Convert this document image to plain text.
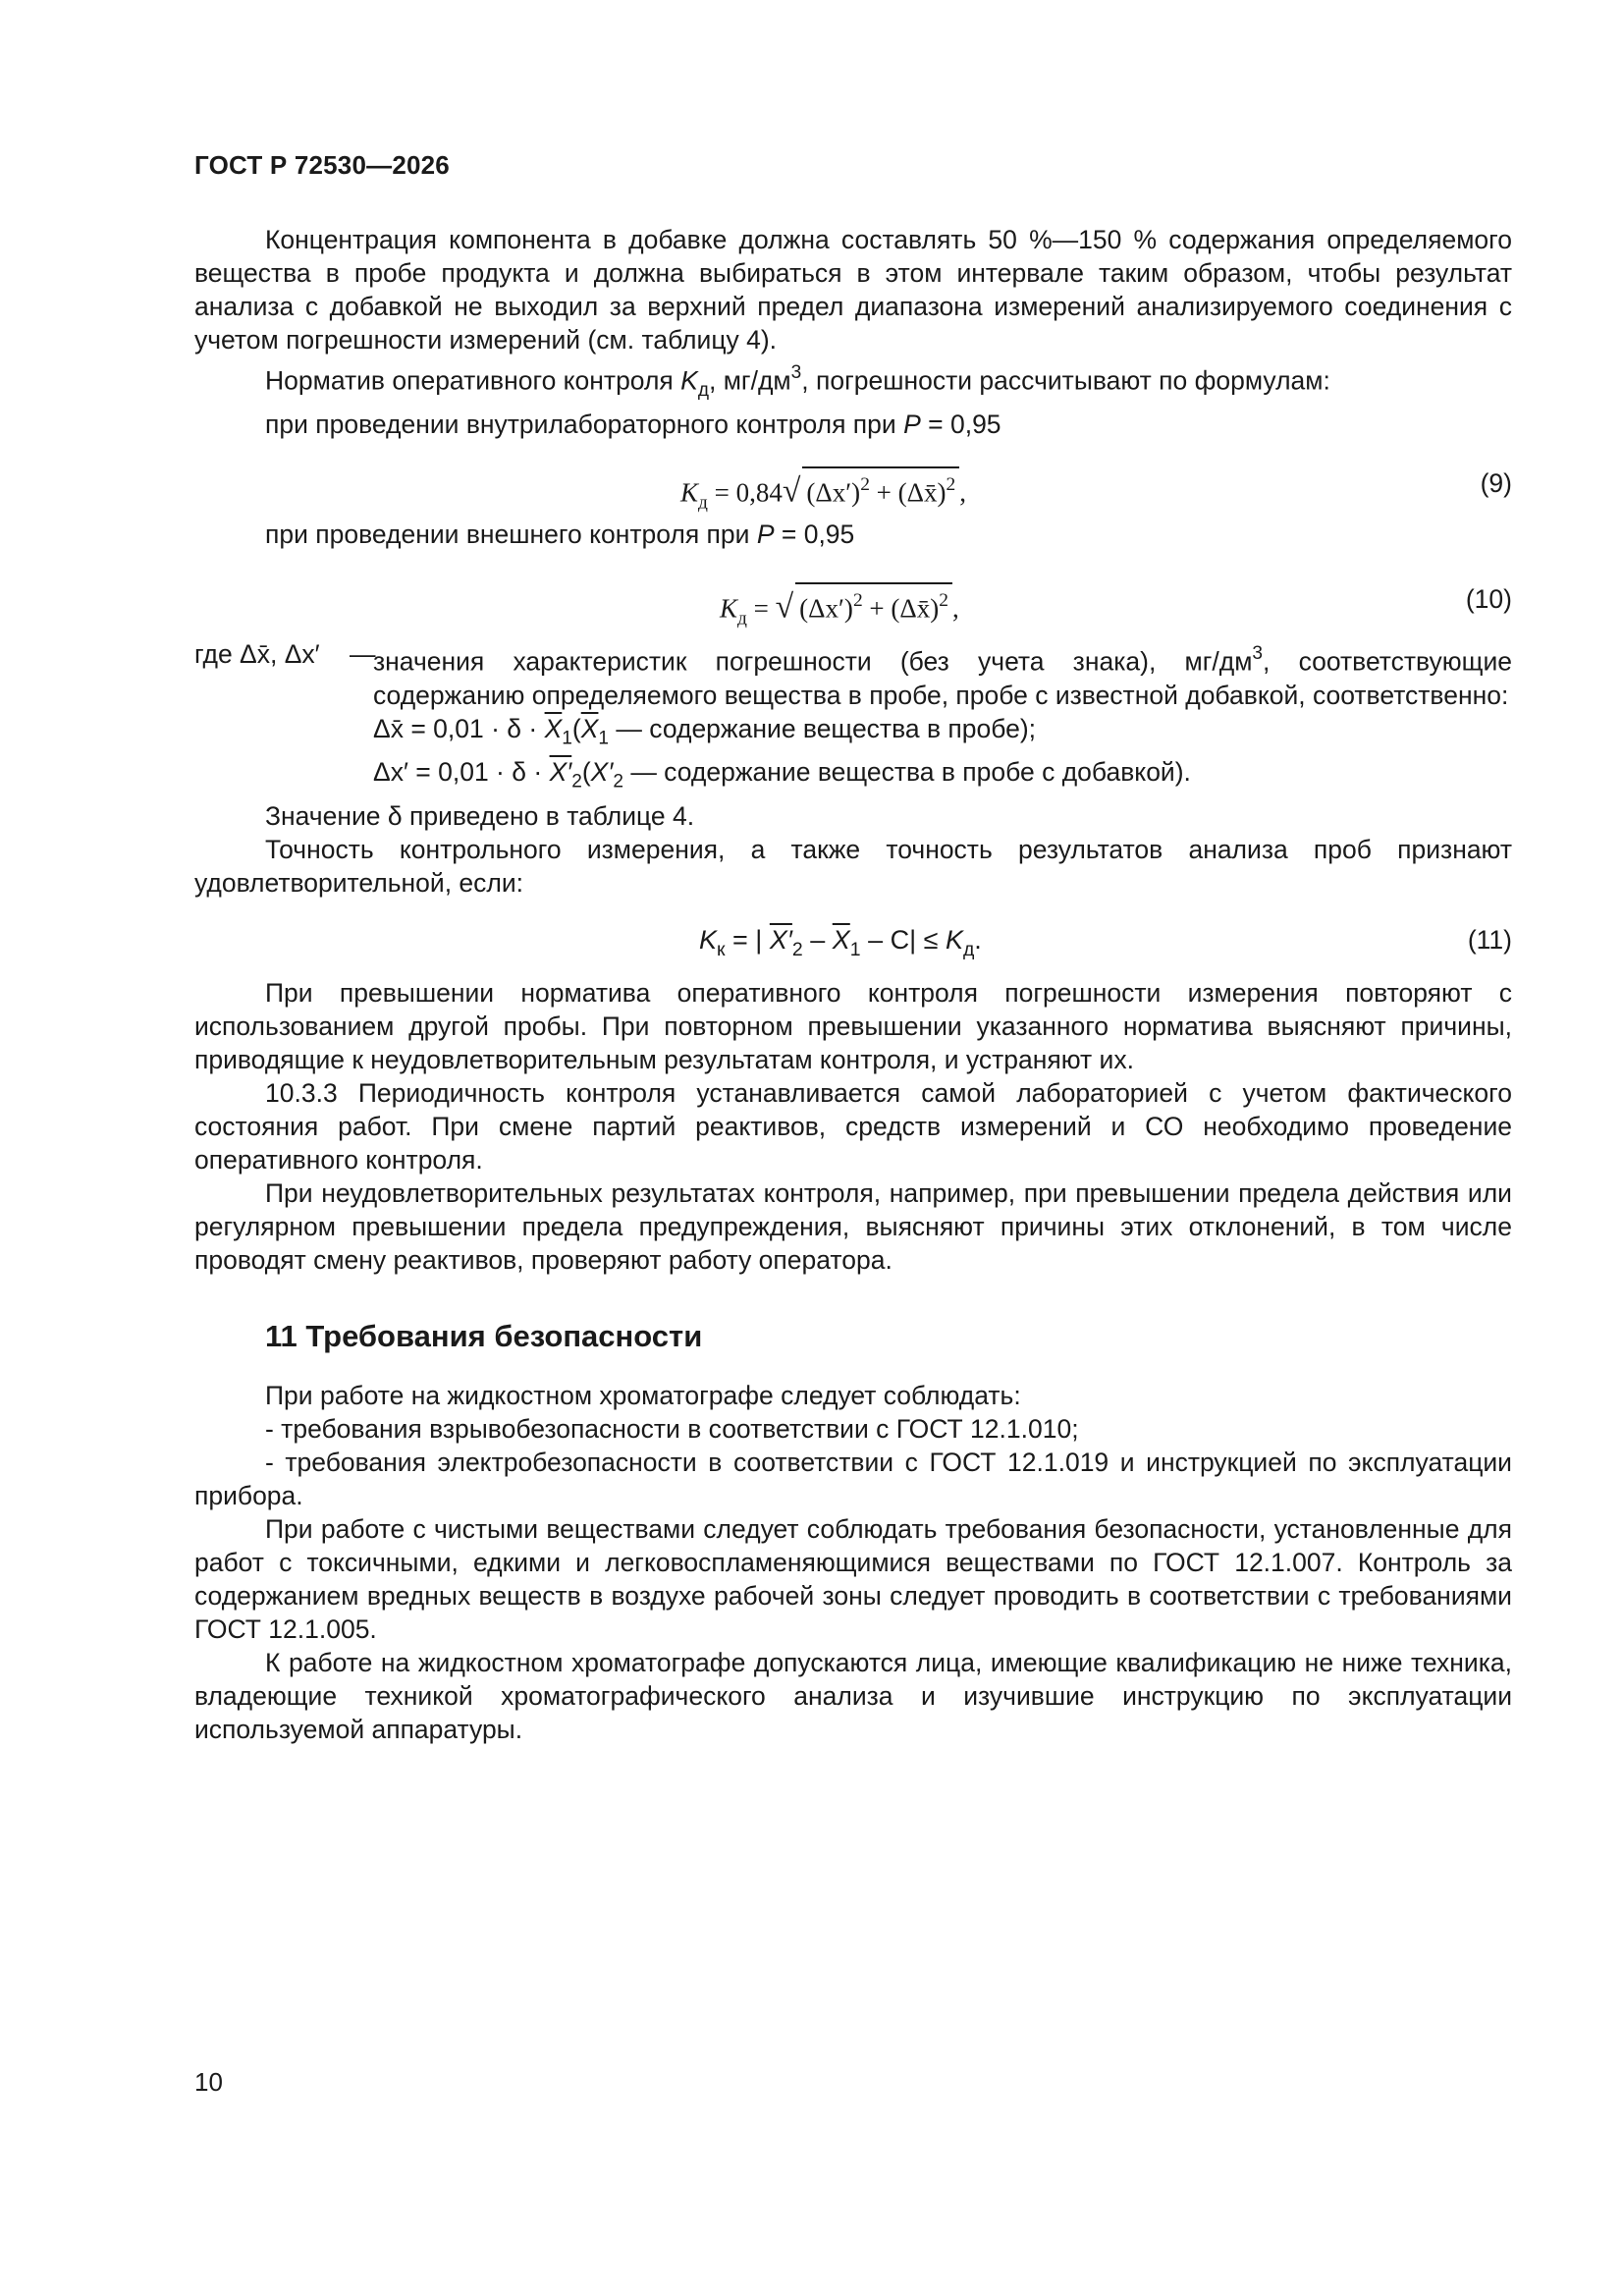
ГОСТ Р 72530—2026

Концентрация компонента в добавке должна составлять 50 %—150 % содержания определяемого вещества в пробе продукта и должна выбираться в этом интервале таким образом, чтобы результат анализа с добавкой не выходил за верхний предел диапазона измерений анализируемого соединения с учетом погрешности измерений (см. таблицу 4).

Норматив оперативного контроля $K_д$, $мг/дм^3$, погрешности рассчитывают по формулам:

при проведении внутрилабораторного контроля при P = 0,95

$K_д = 0,84√$ $(\Delta x')^2$ + (Δx̄)$^2$ ,	(9)

при проведении внешнего контроля при P = 0,95

$K_д$ = √ $(\Delta x')^2$ + (Δx̄)$^2$ ,	(10)
где Δx̄, Δx′ —
значения характеристик погрешности (без учета знака), $мг/дм^3$, соответствующие содержанию определяемого вещества в пробе, пробе с известной добавкой, соответственно:
Δx̄ = $0,01 \cdot \delta \cdot \overline{X}_1(\overline{X}_1$ — содержание вещества в пробе);
$\Delta x' = 0,01 \cdot \delta \cdot X'_2(X'_2$ — содержание вещества в пробе с добавкой).

Значение δ приведено в таблице 4.

Точность контрольного измерения, а также точность результатов анализа проб признают удовлетворительной, если:

$K_к$ = | $X'_2 - \overline{X}_1 - C| \le K_д$.	(11)

При превышении норматива оперативного контроля погрешности измерения повторяют с использованием другой пробы. При повторном превышении указанного норматива выясняют причины, приводящие к неудовлетворительным результатам контроля, и устраняют их.

10.3.3 Периодичность контроля устанавливается самой лабораторией с учетом фактического состояния работ. При смене партий реактивов, средств измерений и СО необходимо проведение оперативного контроля.

При неудовлетворительных результатах контроля, например, при превышении предела действия или регулярном превышении предела предупреждения, выясняют причины этих отклонений, в том числе проводят смену реактивов, проверяют работу оператора.

11 Требования безопасности

При работе на жидкостном хроматографе следует соблюдать:

- требования взрывобезопасности в соответствии с ГОСТ 12.1.010;

- требования электробезопасности в соответствии с ГОСТ 12.1.019 и инструкцией по эксплуатации прибора.

При работе с чистыми веществами следует соблюдать требования безопасности, установленные для работ с токсичными, едкими и легковоспламеняющимися веществами по ГОСТ 12.1.007. Контроль за содержанием вредных веществ в воздухе рабочей зоны следует проводить в соответствии с требованиями ГОСТ 12.1.005.

К работе на жидкостном хроматографе допускаются лица, имеющие квалификацию не ниже техника, владеющие техникой хроматографического анализа и изучившие инструкцию по эксплуатации используемой аппаратуры.

10
